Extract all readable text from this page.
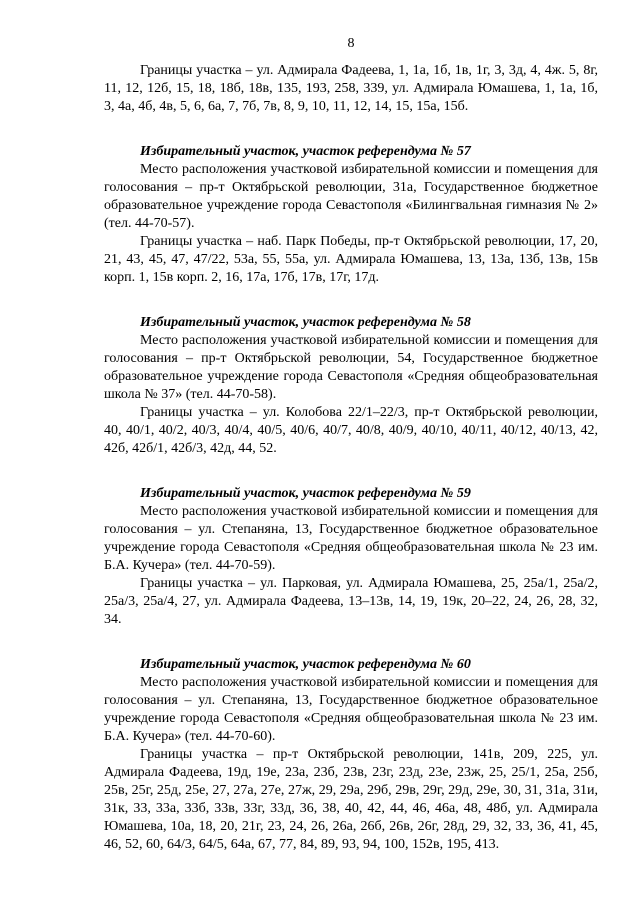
8

Границы участка – ул. Адмирала Фадеева, 1, 1а, 1б, 1в, 1г, 3, 3д, 4, 4ж. 5, 8г, 11, 12, 12б, 15, 18, 18б, 18в, 135, 193, 258, 339, ул. Адмирала Юмашева, 1, 1а, 1б, 3, 4а, 4б, 4в, 5, 6, 6а, 7, 7б, 7в, 8, 9, 10, 11, 12, 14, 15, 15а, 15б.

Избирательный участок, участок референдума № 57

Место расположения участковой избирательной комиссии и помещения для голосования – пр-т Октябрьской революции, 31а, Государственное бюджетное образовательное учреждение города Севастополя «Билингвальная гимназия № 2» (тел. 44-70-57).

Границы участка – наб. Парк Победы, пр-т Октябрьской революции, 17, 20, 21, 43, 45, 47, 47/22, 53а, 55, 55а, ул. Адмирала Юмашева, 13, 13а, 13б, 13в, 15в корп. 1, 15в корп. 2, 16, 17а, 17б, 17в, 17г, 17д.

Избирательный участок, участок референдума № 58

Место расположения участковой избирательной комиссии и помещения для голосования – пр-т Октябрьской революции, 54, Государственное бюджетное образовательное учреждение города Севастополя «Средняя общеобразовательная школа № 37» (тел. 44-70-58).

Границы участка – ул. Колобова 22/1–22/3, пр-т Октябрьской революции, 40, 40/1, 40/2, 40/3, 40/4, 40/5, 40/6, 40/7, 40/8, 40/9, 40/10, 40/11, 40/12, 40/13, 42, 42б, 42б/1, 42б/3, 42д, 44, 52.

Избирательный участок, участок референдума № 59

Место расположения участковой избирательной комиссии и помещения для голосования – ул. Степаняна, 13, Государственное бюджетное образовательное учреждение города Севастополя «Средняя общеобразовательная школа № 23 им. Б.А. Кучера» (тел. 44-70-59).

Границы участка – ул. Парковая, ул. Адмирала Юмашева, 25, 25а/1, 25а/2, 25а/3, 25а/4, 27, ул. Адмирала Фадеева, 13–13в, 14, 19, 19к, 20–22, 24, 26, 28, 32, 34.

Избирательный участок, участок референдума № 60

Место расположения участковой избирательной комиссии и помещения для голосования – ул. Степаняна, 13, Государственное бюджетное образовательное учреждение города Севастополя «Средняя общеобразовательная школа № 23 им. Б.А. Кучера» (тел. 44-70-60).

Границы участка – пр-т Октябрьской революции, 141в, 209, 225, ул. Адмирала Фадеева, 19д, 19е, 23а, 23б, 23в, 23г, 23д, 23е, 23ж, 25, 25/1, 25а, 25б, 25в, 25г, 25д, 25е, 27, 27а, 27е, 27ж, 29, 29а, 29б, 29в, 29г, 29д, 29е, 30, 31, 31а, 31и, 31к, 33, 33а, 33б, 33в, 33г, 33д, 36, 38, 40, 42, 44, 46, 46а, 48, 48б, ул. Адмирала Юмашева, 10а, 18, 20, 21г, 23, 24, 26, 26а, 26б, 26в, 26г, 28д, 29, 32, 33, 36, 41, 45, 46, 52, 60, 64/3, 64/5, 64а, 67, 77, 84, 89, 93, 94, 100, 152в, 195, 413.
